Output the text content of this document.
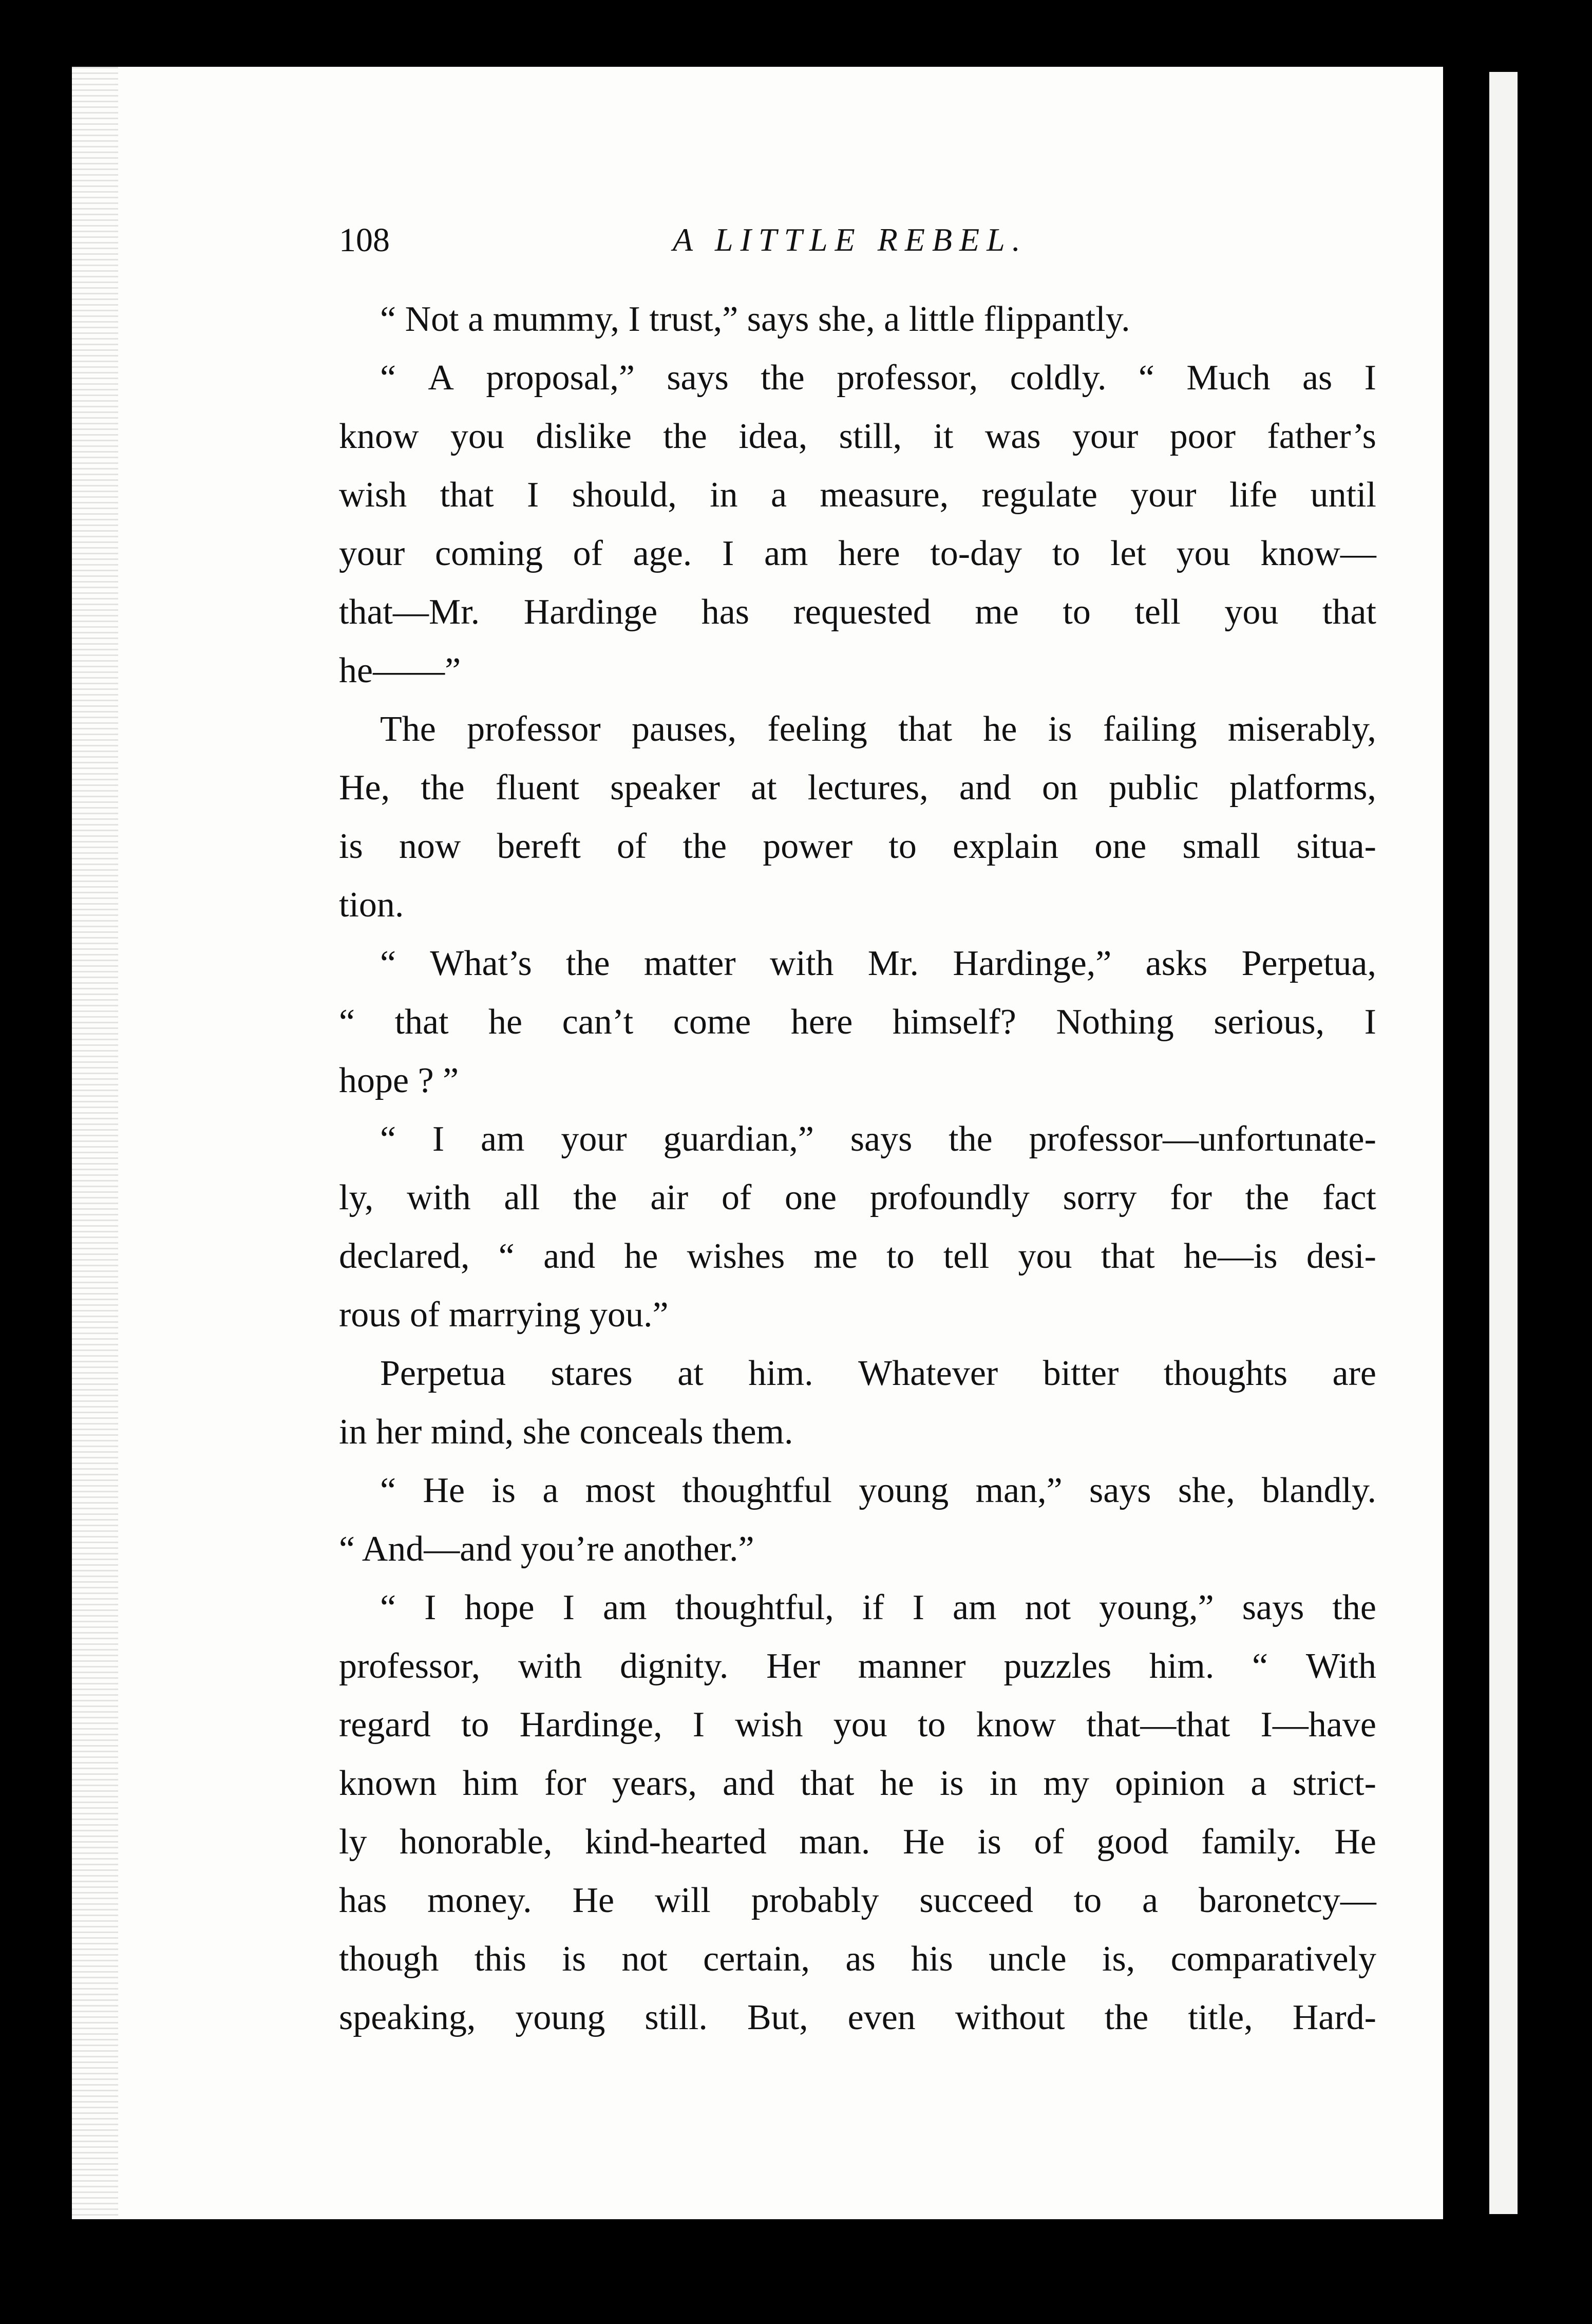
108	A LITTLE REBEL.
“ Not a mummy, I trust,” says she, a little flippantly.
“ A proposal,” says the professor, coldly. “ Much as I
know you dislike the idea, still, it was your poor father’s
wish that I should, in a measure, regulate your life until
your coming of age. I am here to-day to let you know—
that—Mr. Hardinge has requested me to tell you that
he——”
The professor pauses, feeling that he is failing miserably,
He, the fluent speaker at lectures, and on public platforms,
is now bereft of the power to explain one small situa-
tion.
“ What’s the matter with Mr. Hardinge,” asks Perpetua,
“ that he can’t come here himself? Nothing serious, I
hope ? ”
“ I am your guardian,” says the professor—unfortunate-
ly, with all the air of one profoundly sorry for the fact
declared, “ and he wishes me to tell you that he—is desi-
rous of marrying you.”
Perpetua stares at him. Whatever bitter thoughts are
in her mind, she conceals them.
“ He is a most thoughtful young man,” says she, blandly.
“ And—and you’re another.”
“ I hope I am thoughtful, if I am not young,” says the
professor, with dignity. Her manner puzzles him. “ With
regard to Hardinge, I wish you to know that—that I—have
known him for years, and that he is in my opinion a strict-
ly honorable, kind-hearted man. He is of good family. He
has money. He will probably succeed to a baronetcy—
though this is not certain, as his uncle is, comparatively
speaking, young still. But, even without the title, Hard-
